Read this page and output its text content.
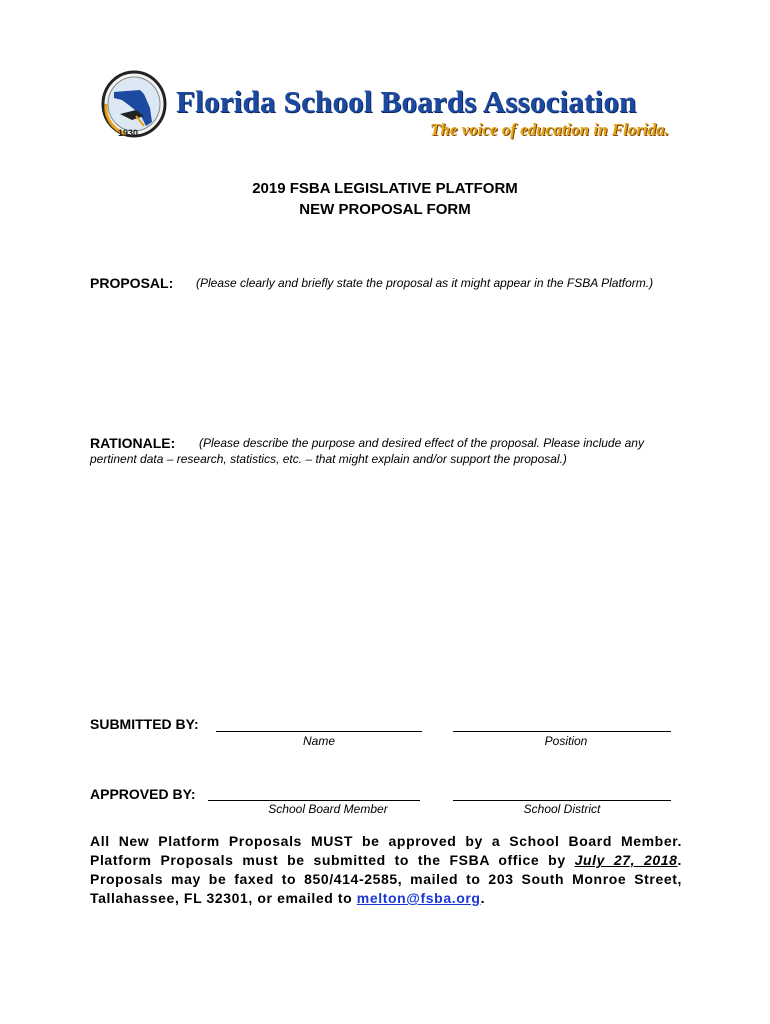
1930
Florida School Boards Association
The voice of education in Florida.
2019 FSBA LEGISLATIVE PLATFORM
NEW PROPOSAL FORM
PROPOSAL: (Please clearly and briefly state the proposal as it might appear in the FSBA Platform.)
RATIONALE: (Please describe the purpose and desired effect of the proposal. Please include any
pertinent data – research, statistics, etc. – that might explain and/or support the proposal.)
SUBMITTED BY:
Name	Position
APPROVED BY:
School Board Member	School District
All New Platform Proposals MUST be approved by a School Board Member. Platform Proposals must be submitted to the FSBA office by July 27, 2018. Proposals may be faxed to 850/414-2585, mailed to 203 South Monroe Street, Tallahassee, FL 32301, or emailed to melton@fsba.org.
